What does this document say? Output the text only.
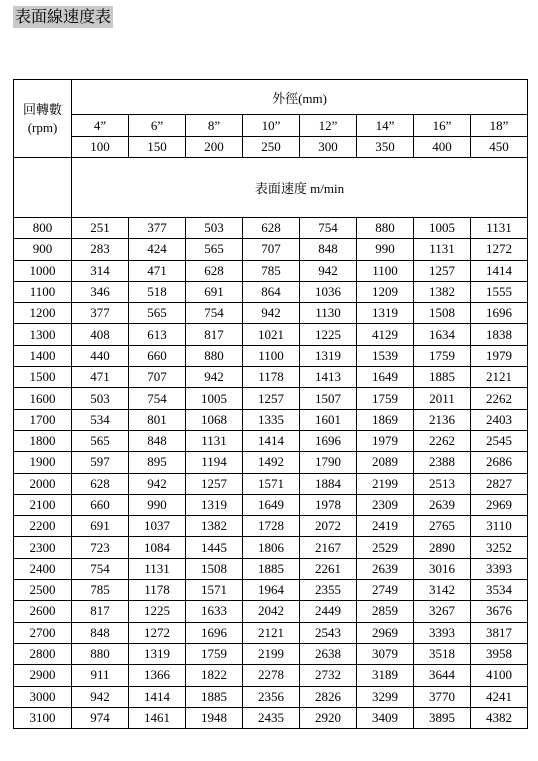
表面線速度表
回轉數
(rpm)	外徑(mm)							
	4”	6”	8”	10”	12”	14”	16”	18”
	100	150	200	250	300	350	400	450
	表面速度 m/min							
800	251	377	503	628	754	880	1005	1131
900	283	424	565	707	848	990	1131	1272
1000	314	471	628	785	942	1100	1257	1414
1100	346	518	691	864	1036	1209	1382	1555
1200	377	565	754	942	1130	1319	1508	1696
1300	408	613	817	1021	1225	4129	1634	1838
1400	440	660	880	1100	1319	1539	1759	1979
1500	471	707	942	1178	1413	1649	1885	2121
1600	503	754	1005	1257	1507	1759	2011	2262
1700	534	801	1068	1335	1601	1869	2136	2403
1800	565	848	1131	1414	1696	1979	2262	2545
1900	597	895	1194	1492	1790	2089	2388	2686
2000	628	942	1257	1571	1884	2199	2513	2827
2100	660	990	1319	1649	1978	2309	2639	2969
2200	691	1037	1382	1728	2072	2419	2765	3110
2300	723	1084	1445	1806	2167	2529	2890	3252
2400	754	1131	1508	1885	2261	2639	3016	3393
2500	785	1178	1571	1964	2355	2749	3142	3534
2600	817	1225	1633	2042	2449	2859	3267	3676
2700	848	1272	1696	2121	2543	2969	3393	3817
2800	880	1319	1759	2199	2638	3079	3518	3958
2900	911	1366	1822	2278	2732	3189	3644	4100
3000	942	1414	1885	2356	2826	3299	3770	4241
3100	974	1461	1948	2435	2920	3409	3895	4382
